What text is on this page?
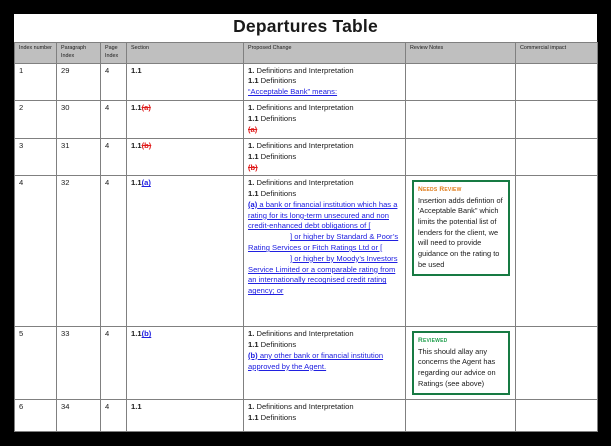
Departures Table
Index number	Paragraph Index	Page Index	Section	Proposed Change	Review Notes	Commercial impact
1	29	4	1.1	1. Definitions and Interpretation
1.1 Definitions
“Acceptable Bank” means:		

2	30	4	1.1(a)	1. Definitions and Interpretation
1.1 Definitions
(a)		

3	31	4	1.1(b)	1. Definitions and Interpretation
1.1 Definitions
(b)		

4	32	4	1.1(a)	1. Definitions and Interpretation
1.1 Definitions
(a) a bank or financial institution which has a rating for its long-term unsecured and non credit-enhanced debt obligations of [] or higher by Standard & Poor’s Rating Services or Fitch Ratings Ltd or [] or higher by Moody’s Investors Service Limited or a comparable rating from an internationally recognised credit rating agency; or	Needs Review
Insertion adds defintion of 'Acceptable Bank" which limits the potential list of lenders for the client, we will need to provide guidance on the rating to be used	

5	33	4	1.1(b)	1. Definitions and Interpretation
1.1 Definitions
(b) any other bank or financial institution approved by the Agent.	Reviewed
This should allay any concerns the Agent has regarding our advice on Ratings (see above)	

6	34	4	1.1	1. Definitions and Interpretation
1.1 Definitions		
